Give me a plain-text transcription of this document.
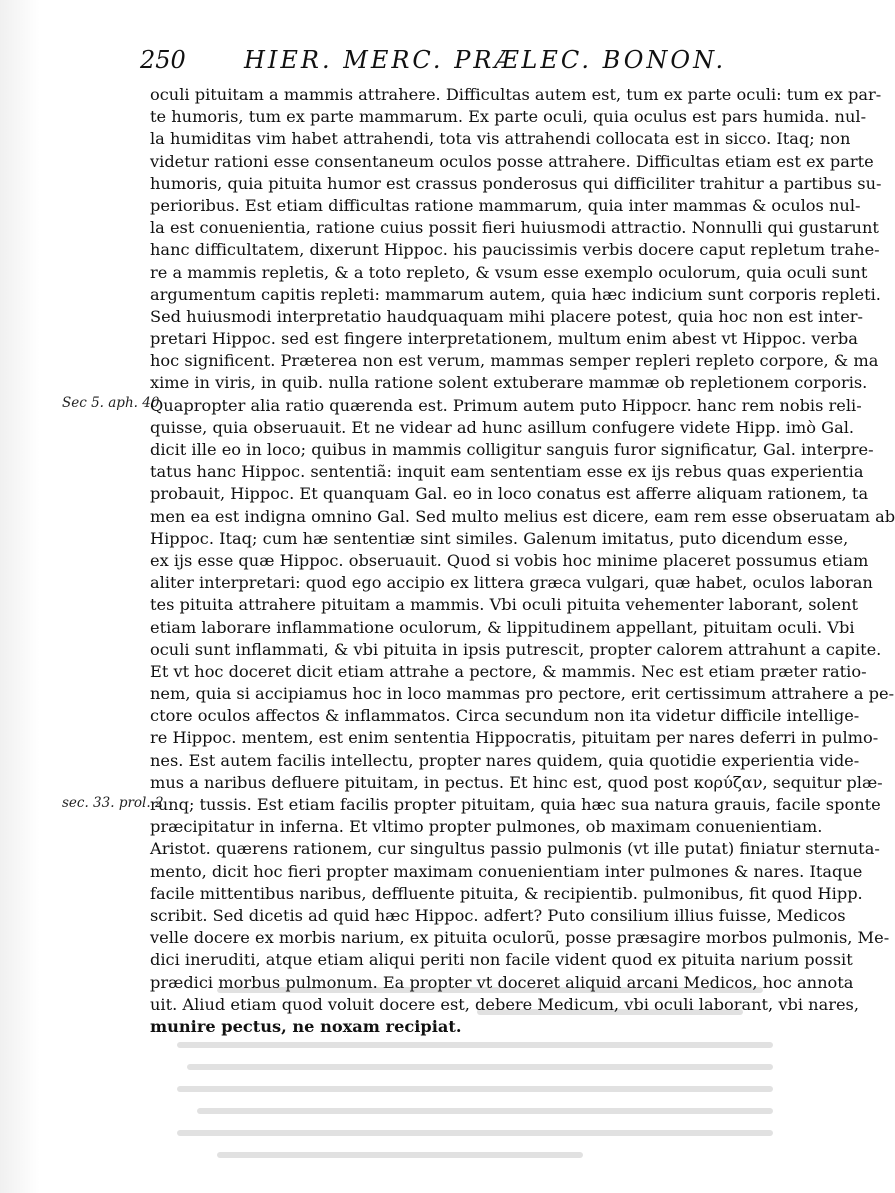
250 HIER. MERC. PRÆLEC. BONON.
Sec 5. aph. 40
sec. 33. prol. 2
oculi pituitam a mammis attrahere. Difficultas autem est, tum ex parte oculi: tum ex par-
te humoris, tum ex parte mammarum. Ex parte oculi, quia oculus est pars humida. nul-
la humiditas vim habet attrahendi, tota vis attrahendi collocata est in sicco. Itaq; non
videtur rationi esse consentaneum oculos posse attrahere. Difficultas etiam est ex parte
humoris, quia pituita humor est crassus ponderosus qui difficiliter trahitur a partibus su-
perioribus. Est etiam difficultas ratione mammarum, quia inter mammas & oculos nul-
la est conuenientia, ratione cuius possit fieri huiusmodi attractio. Nonnulli qui gustarunt
hanc difficultatem, dixerunt Hippoc. his paucissimis verbis docere caput repletum trahe-
re a mammis repletis, & a toto repleto, & vsum esse exemplo oculorum, quia oculi sunt
argumentum capitis repleti: mammarum autem, quia hæc indicium sunt corporis repleti.
Sed huiusmodi interpretatio haudquaquam mihi placere potest, quia hoc non est inter-
pretari Hippoc. sed est fingere interpretationem, multum enim abest vt Hippoc. verba
hoc significent. Præterea non est verum, mammas semper repleri repleto corpore, & ma
xime in viris, in quib. nulla ratione solent extuberare mammæ ob repletionem corporis.
Quapropter alia ratio quærenda est. Primum autem puto Hippocr. hanc rem nobis reli-
quisse, quia obseruauit. Et ne videar ad hunc asillum confugere videte Hipp. imò Gal.
dicit ille eo in loco; quibus in mammis colligitur sanguis furor significatur, Gal. interpre-
tatus hanc Hippoc. sententiã: inquit eam sententiam esse ex ijs rebus quas experientia
probauit, Hippoc. Et quanquam Gal. eo in loco conatus est afferre aliquam rationem, ta
men ea est indigna omnino Gal. Sed multo melius est dicere, eam rem esse obseruatam ab
Hippoc. Itaq; cum hæ sententiæ sint similes. Galenum imitatus, puto dicendum esse,
ex ijs esse quæ Hippoc. obseruauit. Quod si vobis hoc minime placeret possumus etiam
aliter interpretari: quod ego accipio ex littera græca vulgari, quæ habet, oculos laboran
tes pituita attrahere pituitam a mammis. Vbi oculi pituita vehementer laborant, solent
etiam laborare inflammatione oculorum, & lippitudinem appellant, pituitam oculi. Vbi
oculi sunt inflammati, & vbi pituita in ipsis putrescit, propter calorem attrahunt a capite.
Et vt hoc doceret dicit etiam attrahe a pectore, & mammis. Nec est etiam præter ratio-
nem, quia si accipiamus hoc in loco mammas pro pectore, erit certissimum attrahere a pe-
ctore oculos affectos & inflammatos. Circa secundum non ita videtur difficile intellige-
re Hippoc. mentem, est enim sententia Hippocratis, pituitam per nares deferri in pulmo-
nes. Est autem facilis intellectu, propter nares quidem, quia quotidie experientia vide-
mus a naribus defluere pituitam, in pectus. Et hinc est, quod post κορύζαν, sequitur plæ-
runq; tussis. Est etiam facilis propter pituitam, quia hæc sua natura grauis, facile sponte
præcipitatur in inferna. Et vltimo propter pulmones, ob maximam conuenientiam.
Aristot. quærens rationem, cur singultus passio pulmonis (vt ille putat) finiatur sternuta-
mento, dicit hoc fieri propter maximam conuenientiam inter pulmones & nares. Itaque
facile mittentibus naribus, deffluente pituita, & recipientib. pulmonibus, fit quod Hipp.
scribit. Sed dicetis ad quid hæc Hippoc. adfert? Puto consilium illius fuisse, Medicos
velle docere ex morbis narium, ex pituita oculorũ, posse præsagire morbos pulmonis, Me-
dici ineruditi, atque etiam aliqui periti non facile vident quod ex pituita narium possit
prædici morbus pulmonum. Ea propter vt doceret aliquid arcani Medicos, hoc annota
uit. Aliud etiam quod voluit docere est, debere Medicum, vbi oculi laborant, vbi nares,
munire pectus, ne noxam recipiat.
